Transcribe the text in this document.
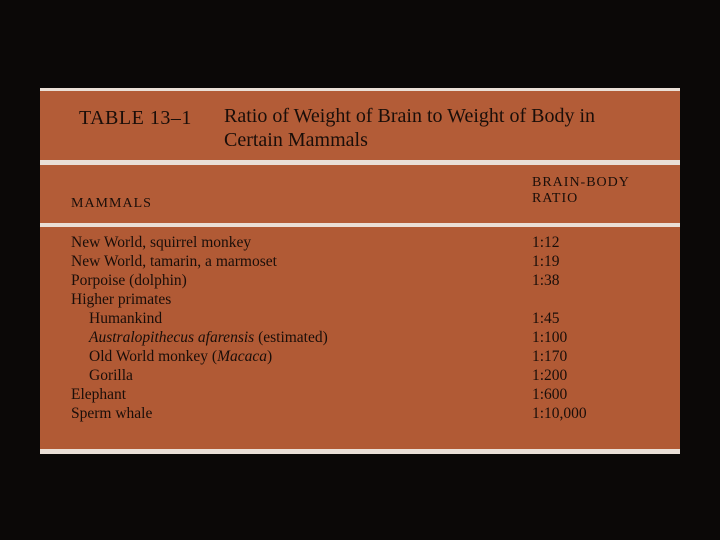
TABLE 13–1 Ratio of Weight of Brain to Weight of Body in
Certain Mammals
MAMMALS
BRAIN-BODY
RATIO
New World, squirrel monkey	1:12
New World, tamarin, a marmoset	1:19
Porpoise (dolphin)	1:38
Higher primates
Humankind	1:45
Australopithecus afarensis (estimated)	1:100
Old World monkey (Macaca)	1:170
Gorilla	1:200
Elephant	1:600
Sperm whale	1:10,000
